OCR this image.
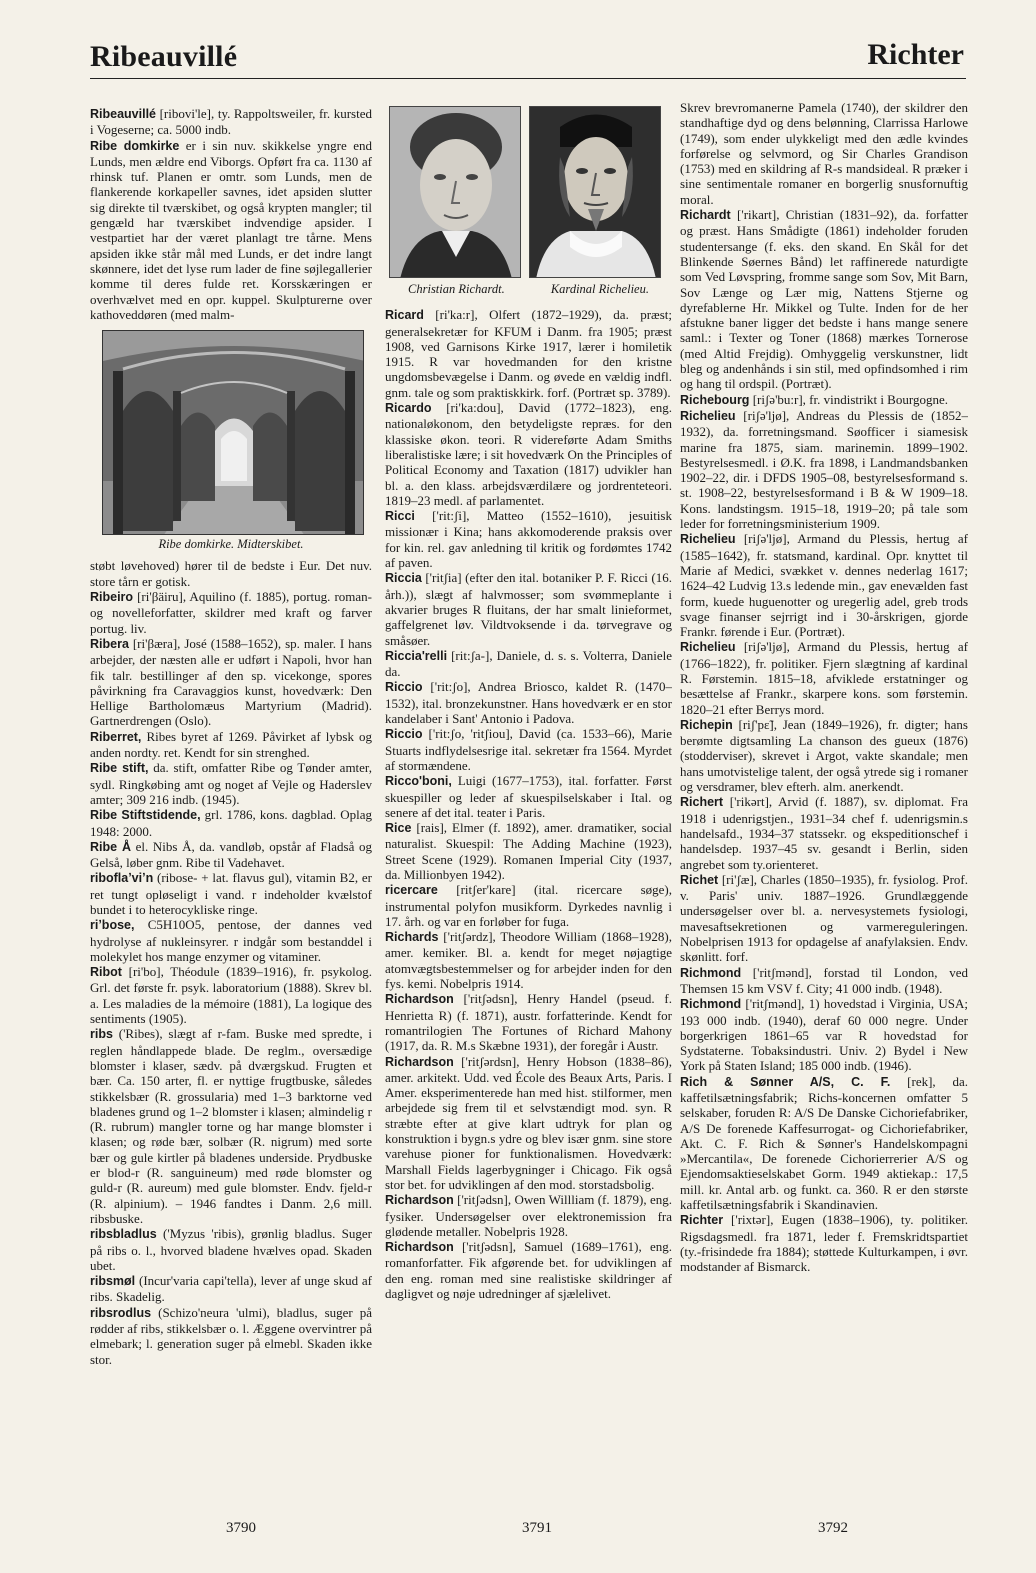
Ribeauvillé	Richter

Ribeauvillé [ribovi'le], ty. Rappoltsweiler, fr. kursted i Vogeserne; ca. 5000 indb.

Ribe domkirke er i sin nuv. skikkelse yngre end Lunds, men ældre end Viborgs. Opført fra ca. 1130 af rhinsk tuf. Planen er omtr. som Lunds, men de flankerende korkapeller savnes, idet apsiden slutter sig direkte til tværskibet, og også krypten mangler; til gengæld har tværskibet indvendige apsider. I vestpartiet har der været planlagt tre tårne. Mens apsiden ikke står mål med Lunds, er det indre langt skønnere, idet det lyse rum lader de fine søjlegallerier komme til deres fulde ret. Korsskæringen er overhvælvet med en opr. kuppel. Skulpturerne over kathoveddøren (med malm-

Ribe domkirke. Midterskibet.

støbt løvehoved) hører til de bedste i Eur. Det nuv. store tårn er gotisk.

Ribeiro [ri'βäiru], Aquilino (f. 1885), portug. roman- og novelleforfatter, skildrer med kraft og farver portug. liv.

Ribera [ri'βæra], José (1588–1652), sp. maler. I hans arbejder, der næsten alle er udført i Napoli, hvor han fik talr. bestillinger af den sp. vicekonge, spores påvirkning fra Caravaggios kunst, hovedværk: Den Hellige Bartholomæus Martyrium (Madrid). Gartnerdrengen (Oslo).

Riberret, Ribes byret af 1269. Påvirket af lybsk og anden nordty. ret. Kendt for sin strenghed.

Ribe stift, da. stift, omfatter Ribe og Tønder amter, sydl. Ringkøbing amt og noget af Vejle og Haderslev amter; 309 216 indb. (1945).

Ribe Stiftstidende, grl. 1786, kons. dagblad. Oplag 1948: 2000.

Ribe Å el. Nibs Å, da. vandløb, opstår af Fladså og Gelså, løber gnm. Ribe til Vadehavet.

riboflaʼviʼn (ribose- + lat. flavus gul), vitamin B2, er ret tungt opløseligt i vand. r indeholder kvælstof bundet i to heterocykliske ringe.

riʼbose, C5H10O5, pentose, der dannes ved hydrolyse af nukleinsyrer. r indgår som bestanddel i molekylet hos mange enzymer og vitaminer.

Ribot [ri'bo], Théodule (1839–1916), fr. psykolog. Grl. det første fr. psyk. laboratorium (1888). Skrev bl. a. Les maladies de la mémoire (1881), La logique des sentiments (1905).

ribs ('Ribes), slægt af r-fam. Buske med spredte, i reglen håndlappede blade. De reglm., oversædige blomster i klaser, sædv. på dværgskud. Frugten et bær. Ca. 150 arter, fl. er nyttige frugtbuske, således stikkelsbær (R. grossularia) med 1–3 barktorne ved bladenes grund og 1–2 blomster i klasen; almindelig r (R. rubrum) mangler torne og har mange blomster i klasen; og røde bær, solbær (R. nigrum) med sorte bær og gule kirtler på bladenes underside. Prydbuske er blod-r (R. sanguineum) med røde blomster og guld-r (R. aureum) med gule blomster. Endv. fjeld-r (R. alpinium). – 1946 fandtes i Danm. 2,6 mill. ribsbuske.

ribsbladlus ('Myzus 'ribis), grønlig bladlus. Suger på ribs o. l., hvorved bladene hvælves opad. Skaden ubet.

ribsmøl (Incur'varia capi'tella), lever af unge skud af ribs. Skadelig.

ribsrodlus (Schizo'neura 'ulmi), bladlus, suger på rødder af ribs, stikkelsbær o. l. Æggene overvintrer på elmebark; l. generation suger på elmebl. Skaden ikke stor.

Christian Richardt.	Kardinal Richelieu.

Ricard [ri'ka:r], Olfert (1872–1929), da. præst; generalsekretær for KFUM i Danm. fra 1905; præst 1908, ved Garnisons Kirke 1917, lærer i homiletik 1915. R var hovedmanden for den kristne ungdomsbevægelse i Danm. og øvede en vældig indfl. gnm. tale og som praktiskkirk. forf. (Portræt sp. 3789).

Ricardo [ri'ka:dou], David (1772–1823), eng. nationaløkonom, den betydeligste repræs. for den klassiske økon. teori. R videreførte Adam Smiths liberalistiske lære; i sit hovedværk On the Principles of Political Economy and Taxation (1817) udvikler han bl. a. den klass. arbejdsværdilære og jordrenteteori. 1819–23 medl. af parlamentet.

Ricci ['rit:ʃi], Matteo (1552–1610), jesuitisk missionær i Kina; hans akkomoderende praksis over for kin. rel. gav anledning til kritik og fordømtes 1742 af paven.

Riccia ['ritʃia] (efter den ital. botaniker P. F. Ricci (16. årh.)), slægt af halvmosser; som svømmeplante i akvarier bruges R fluitans, der har smalt linieformet, gaffelgrenet løv. Vildtvoksende i da. tørvegrave og småsøer.

Riccia'relli [rit:ʃa-], Daniele, d. s. s. Volterra, Daniele da.

Riccio ['rit:ʃo], Andrea Briosco, kaldet R. (1470–1532), ital. bronzekunstner. Hans hovedværk er en stor kandelaber i Sant' Antonio i Padova.

Riccio ['rit:ʃo, 'ritʃiou], David (ca. 1533–66), Marie Stuarts indflydelsesrige ital. sekretær fra 1564. Myrdet af stormændene.

Ricco'boni, Luigi (1677–1753), ital. forfatter. Først skuespiller og leder af skuespilselskaber i Ital. og senere af det ital. teater i Paris.

Rice [rais], Elmer (f. 1892), amer. dramatiker, social naturalist. Skuespil: The Adding Machine (1923), Street Scene (1929). Romanen Imperial City (1937, da. Millionbyen 1942).

ricercare [ritʃer'kare] (ital. ricercare søge), instrumental polyfon musikform. Dyrkedes navnlig i 17. årh. og var en forløber for fuga.

Richards ['ritʃərdz], Theodore William (1868–1928), amer. kemiker. Bl. a. kendt for meget nøjagtige atomvægtsbestemmelser og for arbejder inden for den fys. kemi. Nobelpris 1914.

Richardson ['ritʃədsn], Henry Handel (pseud. f. Henrietta R) (f. 1871), austr. forfatterinde. Kendt for romantrilogien The Fortunes of Richard Mahony (1917, da. R. M.s Skæbne 1931), der foregår i Austr.

Richardson ['ritʃərdsn], Henry Hobson (1838–86), amer. arkitekt. Udd. ved École des Beaux Arts, Paris. I Amer. eksperimenterede han med hist. stilformer, men arbejdede sig frem til et selvstændigt mod. syn. R stræbte efter at give klart udtryk for plan og konstruktion i bygn.s ydre og blev især gnm. sine store varehuse pioner for funktionalismen. Hovedværk: Marshall Fields lagerbygninger i Chicago. Fik også stor bet. for udviklingen af den mod. storstadsbolig.

Richardson ['ritʃədsn], Owen Willliam (f. 1879), eng. fysiker. Undersøgelser over elektronemission fra glødende metaller. Nobelpris 1928.

Richardson ['ritʃədsn], Samuel (1689–1761), eng. romanforfatter. Fik afgørende bet. for udviklingen af den eng. roman med sine realistiske skildringer af dagligvet og nøje udredninger af sjælelivet.

Skrev brevromanerne Pamela (1740), der skildrer den standhaftige dyd og dens belønning, Clarrissa Harlowe (1749), som ender ulykkeligt med den ædle kvindes forførelse og selvmord, og Sir Charles Grandison (1753) med en skildring af R-s mandsideal. R præker i sine sentimentale romaner en borgerlig snusfornuftig moral.

Richardt ['rikart], Christian (1831–92), da. forfatter og præst. Hans Smådigte (1861) indeholder foruden studentersange (f. eks. den skand. En Skål for det Blinkende Søernes Bånd) let raffinerede naturdigte som Ved Løvspring, fromme sange som Sov, Mit Barn, Sov Længe og Lær mig, Nattens Stjerne og dyrefablerne Hr. Mikkel og Tulte. Inden for de her afstukne baner ligger det bedste i hans mange senere saml.: i Texter og Toner (1868) mærkes Tornerose (med Altid Frejdig). Omhyggelig verskunstner, lidt bleg og andenhånds i sin stil, med opfindsomhed i rim og hang til ordspil. (Portræt).

Richebourg [riʃə'bu:r], fr. vindistrikt i Bourgogne.

Richelieu [riʃə'ljø], Andreas du Plessis de (1852–1932), da. forretningsmand. Søofficer i siamesisk marine fra 1875, siam. marinemin. 1899–1902. Bestyrelsesmedl. i Ø.K. fra 1898, i Landmandsbanken 1902–22, dir. i DFDS 1905–08, bestyrelsesformand s. st. 1908–22, bestyrelsesformand i B & W 1909–18. Kons. landstingsm. 1915–18, 1919–20; på tale som leder for forretningsministerium 1909.

Richelieu [riʃə'ljø], Armand du Plessis, hertug af (1585–1642), fr. statsmand, kardinal. Opr. knyttet til Marie af Medici, svækket v. dennes nederlag 1617; 1624–42 Ludvig 13.s ledende min., gav enevælden fast form, kuede huguenotter og uregerlig adel, greb trods svage finanser sejrrigt ind i 30-årskrigen, gjorde Frankr. førende i Eur. (Portræt).

Richelieu [riʃə'ljø], Armand du Plessis, hertug af (1766–1822), fr. politiker. Fjern slægtning af kardinal R. Førstemin. 1815–18, afviklede erstatninger og besættelse af Frankr., skarpere kons. som førstemin. 1820–21 efter Berrys mord.

Richepin [riʃ'pɛ̃], Jean (1849–1926), fr. digter; hans berømte digtsamling La chanson des gueux (1876) (stodderviser), skrevet i Argot, vakte skandale; men hans umotvistelige talent, der også ytrede sig i romaner og versdramer, blev efterh. alm. anerkendt.

Richert ['rikərt], Arvid (f. 1887), sv. diplomat. Fra 1918 i udenrigstjen., 1931–34 chef f. udenrigsmin.s handelsafd., 1934–37 statssekr. og ekspeditionschef i handelsdep. 1937–45 sv. gesandt i Berlin, siden angrebet som ty.orienteret.

Richet [ri'ʃæ], Charles (1850–1935), fr. fysiolog. Prof. v. Paris' univ. 1887–1926. Grundlæggende undersøgelser over bl. a. nervesystemets fysiologi, mavesaftsekretionen og varmereguleringen. Nobelprisen 1913 for opdagelse af anafylaksien. Endv. skønlitt. forf.

Richmond ['ritʃmənd], forstad til London, ved Themsen 15 km VSV f. City; 41 000 indb. (1948).

Richmond ['ritʃmənd], 1) hovedstad i Virginia, USA; 193 000 indb. (1940), deraf 60 000 negre. Under borgerkrigen 1861–65 var R hovedstad for Sydstaterne. Tobaksindustri. Univ. 2) Bydel i New York på Staten Island; 185 000 indb. (1946).

Rich & Sønner A/S, C. F. [rek], da. kaffetilsætningsfabrik; Richs-koncernen omfatter 5 selskaber, foruden R: A/S De Danske Cichoriefabriker, A/S De forenede Kaffesurrogat- og Cichoriefabriker, Akt. C. F. Rich & Sønner's Handelskompagni »Mercantila«, De forenede Cichorierrerier A/S og Ejendomsaktieselskabet Gorm. 1949 aktiekap.: 17,5 mill. kr. Antal arb. og funkt. ca. 360. R er den største kaffetilsætningsfabrik i Skandinavien.

Richter ['rixtər], Eugen (1838–1906), ty. politiker. Rigsdagsmedl. fra 1871, leder f. Fremskridtspartiet (ty.-frisindede fra 1884); støttede Kulturkampen, i øvr. modstander af Bismarck.

3790	3791	3792
